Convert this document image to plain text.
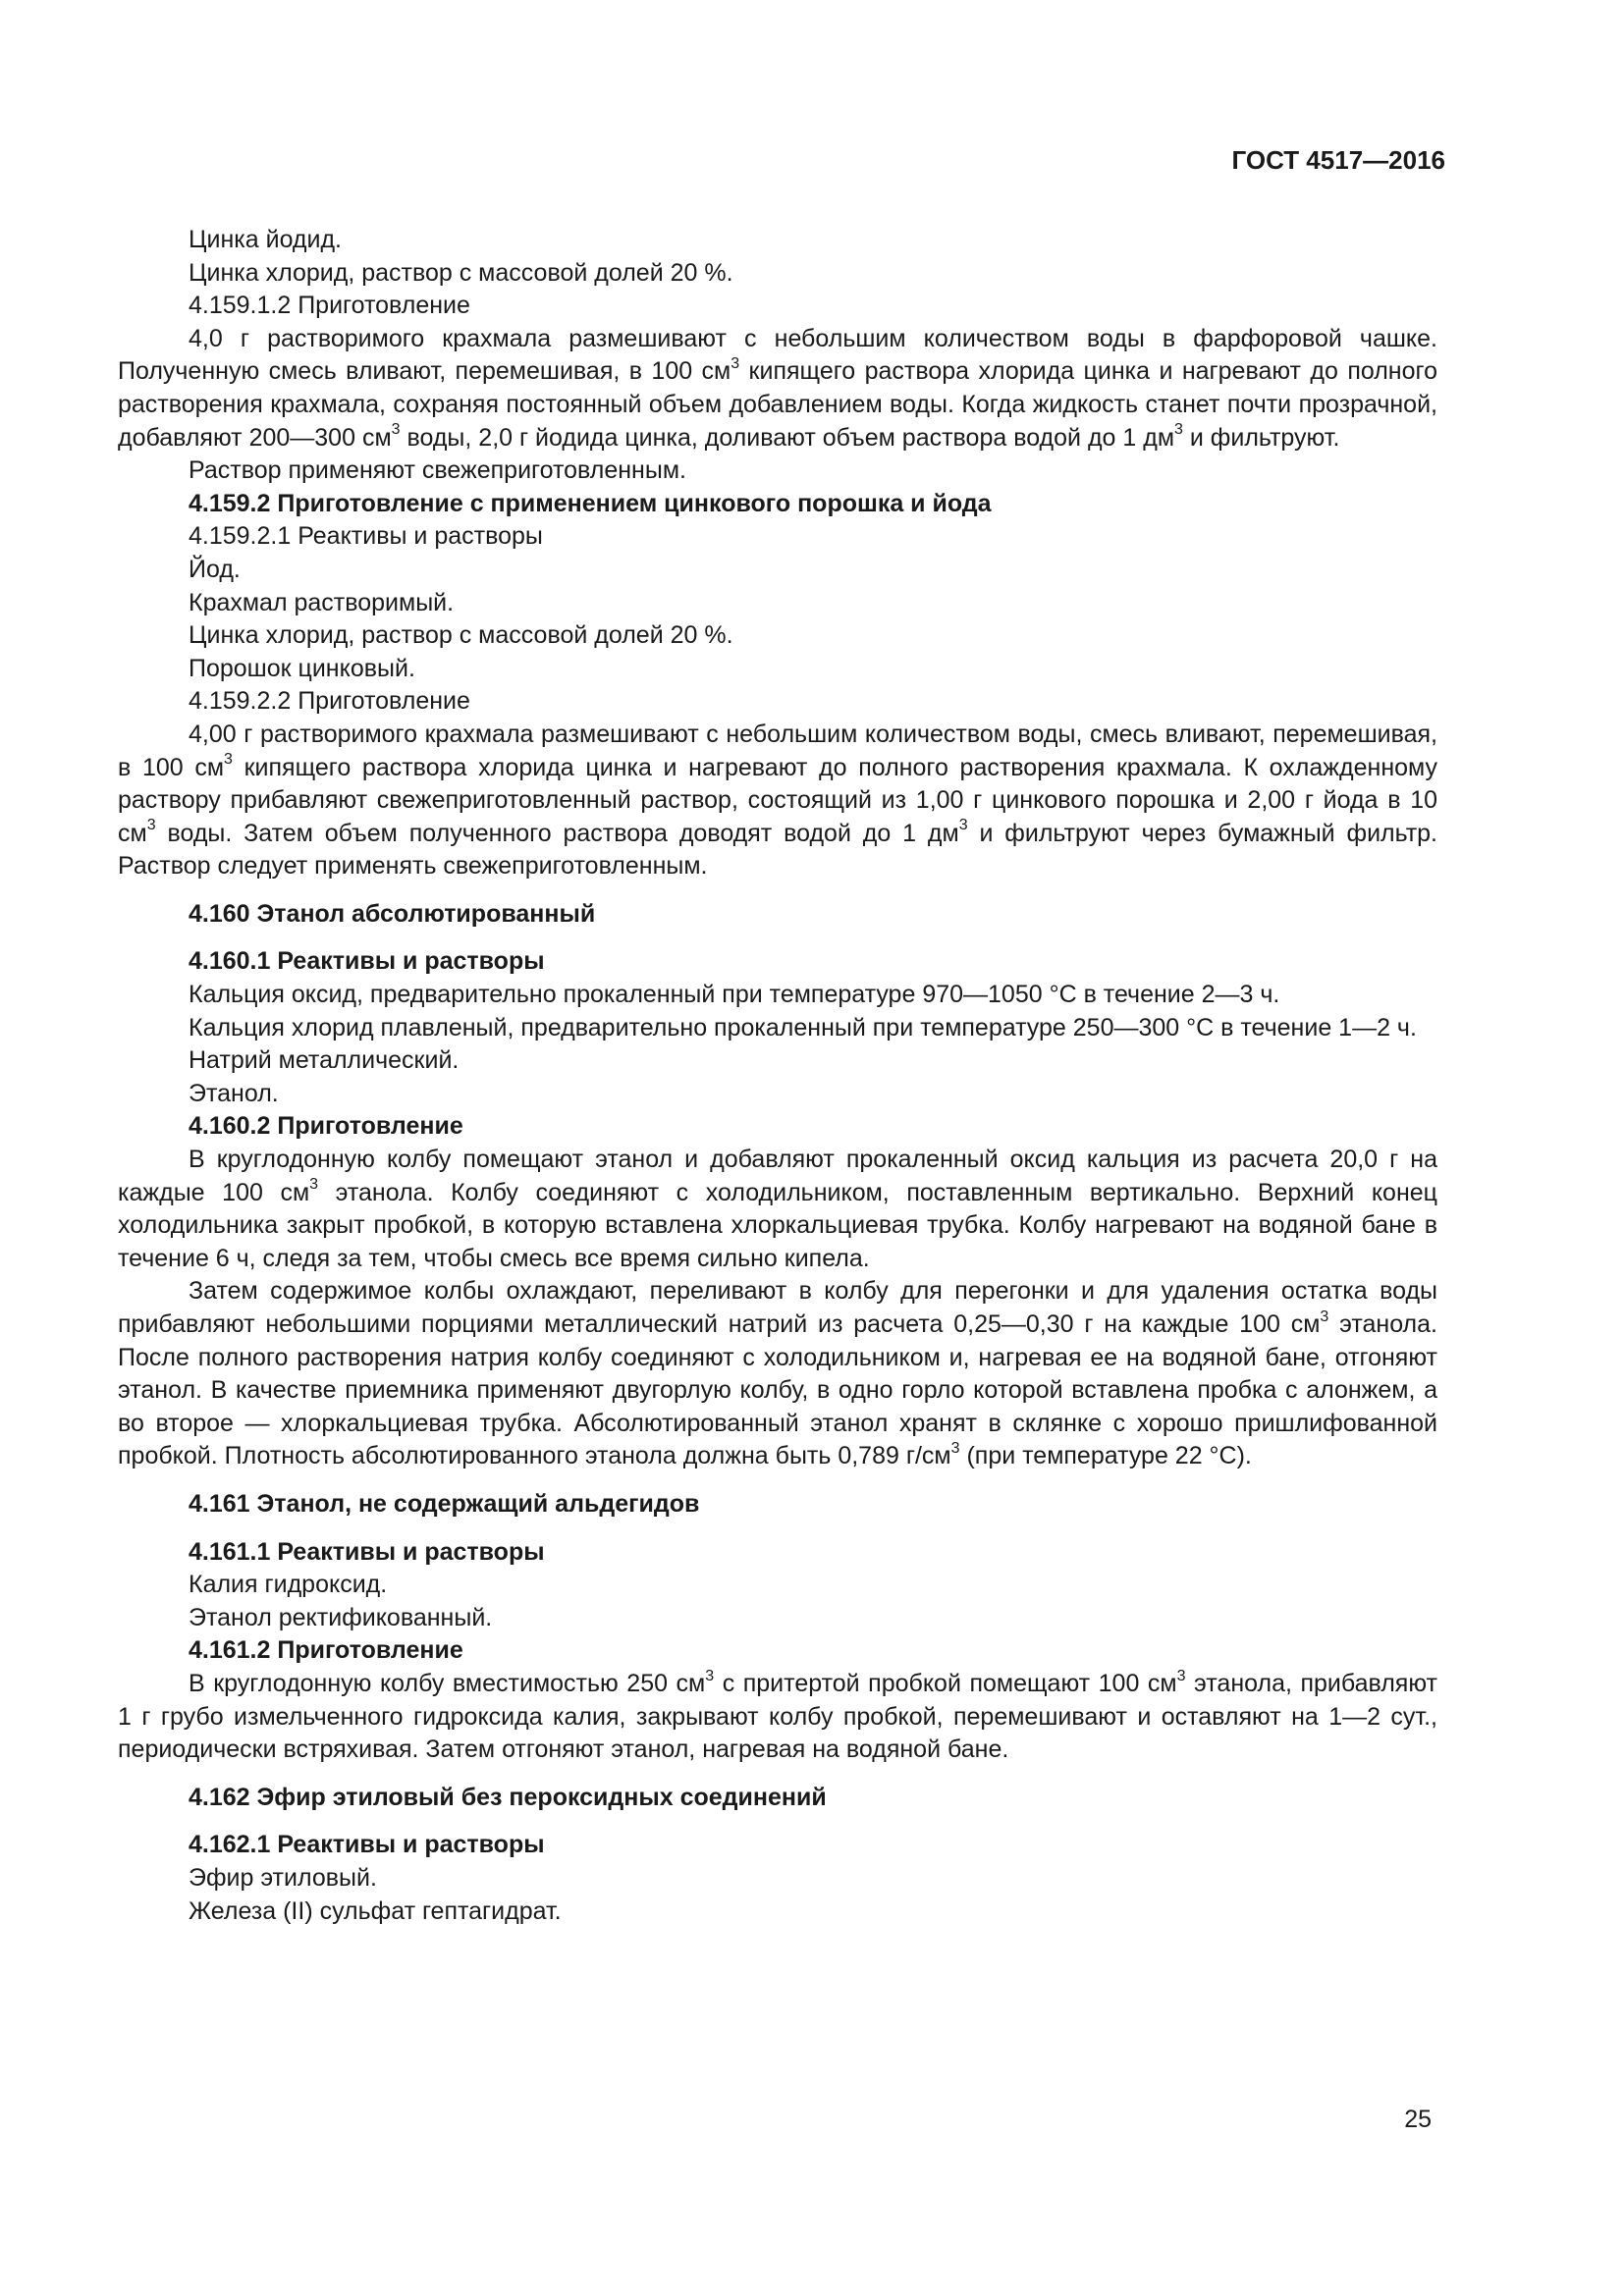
ГОСТ 4517—2016

Цинка йодид.

Цинка хлорид, раствор с массовой долей 20 %.

4.159.1.2 Приготовление

4,0 г растворимого крахмала размешивают с небольшим количеством воды в фарфоровой чашке. Полученную смесь вливают, перемешивая, в 100 $см^3$ кипящего раствора хлорида цинка и нагревают до полного растворения крахмала, сохраняя постоянный объем добавлением воды. Когда жидкость станет почти прозрачной, добавляют 200—300 $см^3$ воды, 2,0 г йодида цинка, доливают объем раствора водой до 1 $дм^3$ и фильтруют.

Раствор применяют свежеприготовленным.

4.159.2 Приготовление с применением цинкового порошка и йода

4.159.2.1 Реактивы и растворы

Йод.

Крахмал растворимый.

Цинка хлорид, раствор с массовой долей 20 %.

Порошок цинковый.

4.159.2.2 Приготовление

4,00 г растворимого крахмала размешивают с небольшим количеством воды, смесь вливают, перемешивая, в 100 $см^3$ кипящего раствора хлорида цинка и нагревают до полного растворения крахмала. К охлажденному раствору прибавляют свежеприготовленный раствор, состоящий из 1,00 г цинкового порошка и 2,00 г йода в 10 $см^3$ воды. Затем объем полученного раствора доводят водой до 1 $дм^3$ и фильтруют через бумажный фильтр. Раствор следует применять свежеприготовленным.

4.160 Этанол абсолютированный

4.160.1 Реактивы и растворы

Кальция оксид, предварительно прокаленный при температуре 970—1050 °С в течение 2—3 ч.

Кальция хлорид плавленый, предварительно прокаленный при температуре 250—300 °С в течение 1—2 ч.

Натрий металлический.

Этанол.

4.160.2 Приготовление

В круглодонную колбу помещают этанол и добавляют прокаленный оксид кальция из расчета 20,0 г на каждые 100 $см^3$ этанола. Колбу соединяют с холодильником, поставленным вертикально. Верхний конец холодильника закрыт пробкой, в которую вставлена хлоркальциевая трубка. Колбу нагревают на водяной бане в течение 6 ч, следя за тем, чтобы смесь все время сильно кипела.

Затем содержимое колбы охлаждают, переливают в колбу для перегонки и для удаления остатка воды прибавляют небольшими порциями металлический натрий из расчета 0,25—0,30 г на каждые 100 $см^3$ этанола. После полного растворения натрия колбу соединяют с холодильником и, нагревая ее на водяной бане, отгоняют этанол. В качестве приемника применяют двугорлую колбу, в одно горло которой вставлена пробка с алонжем, а во второе — хлоркальциевая трубка. Абсолютированный этанол хранят в склянке с хорошо пришлифованной пробкой. Плотность абсолютированного этанола должна быть 0,789 $г/см^3$ (при температуре 22 °С).

4.161 Этанол, не содержащий альдегидов

4.161.1 Реактивы и растворы

Калия гидроксид.

Этанол ректификованный.

4.161.2 Приготовление

В круглодонную колбу вместимостью 250 $см^3$ с притертой пробкой помещают 100 $см^3$ этанола, прибавляют 1 г грубо измельченного гидроксида калия, закрывают колбу пробкой, перемешивают и оставляют на 1—2 сут., периодически встряхивая. Затем отгоняют этанол, нагревая на водяной бане.

4.162 Эфир этиловый без пероксидных соединений

4.162.1 Реактивы и растворы

Эфир этиловый.

Железа (II) сульфат гептагидрат.

25
